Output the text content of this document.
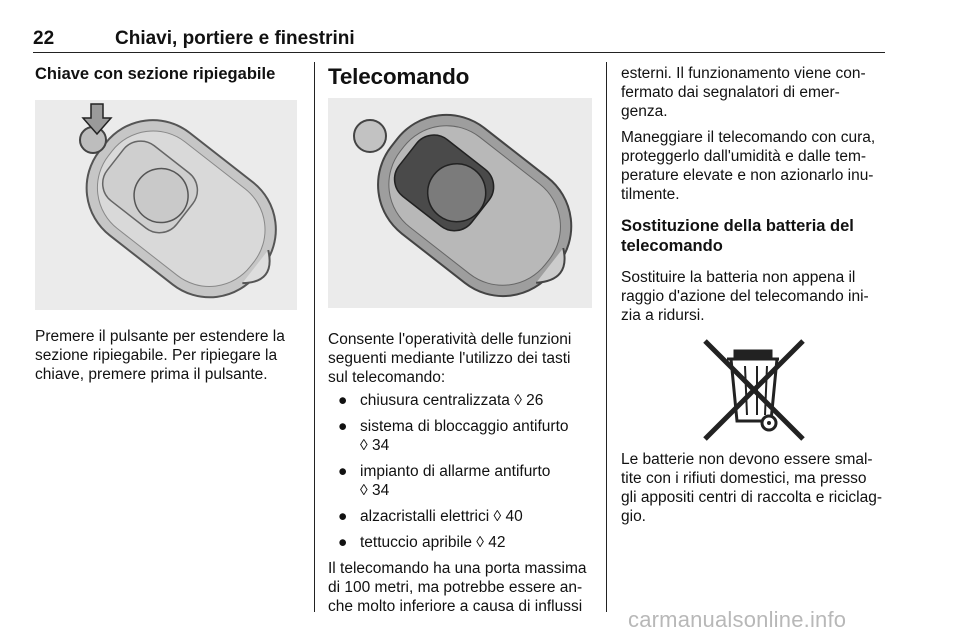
22	Chiavi, portiere e finestrini
Chiave con sezione ripiegabile

Premere il pulsante per estendere la
sezione ripiegabile. Per ripiegare la
chiave, premere prima il pulsante.

Telecomando

Consente l'operatività delle funzioni
seguenti mediante l'utilizzo dei tasti
sul telecomando:

● chiusura centralizzata ◊ 26
● sistema di bloccaggio antifurto
◊ 34
● impianto di allarme antifurto
◊ 34
● alzacristalli elettrici ◊ 40
● tettuccio apribile ◊ 42

Il telecomando ha una porta massima
di 100 metri, ma potrebbe essere an-
che molto inferiore a causa di influssi

esterni. Il funzionamento viene con-
fermato dai segnalatori di emer-
genza.

Maneggiare il telecomando con cura,
proteggerlo dall'umidità e dalle tem-
perature elevate e non azionarlo inu-
tilmente.

Sostituzione della batteria del
telecomando

Sostituire la batteria non appena il
raggio d'azione del telecomando ini-
zia a ridursi.

Le batterie non devono essere smal-
tite con i rifiuti domestici, ma presso
gli appositi centri di raccolta e riciclag-
gio.

carmanualsonline.info
